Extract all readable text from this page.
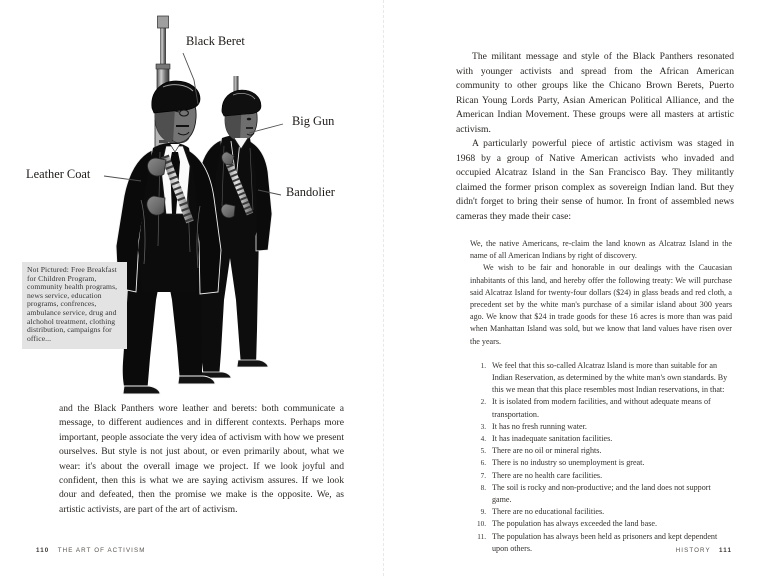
Black Beret
Big Gun
Leather Coat
Bandolier

Not Pictured: Free Breakfast for Children Program, community health programs, news service, education programs, confrences, ambulance service, drug and alchohol treatment, clothing distribution, campaigns for office...

and the Black Panthers wore leather and berets: both communicate a message, to different audiences and in different contexts. Perhaps more important, people associate the very idea of activism with how we present ourselves. But style is not just about, or even primarily about, what we wear: it's about the overall image we project. If we look joyful and confident, then this is what we are saying activism assures. If we look dour and defeated, then the promise we make is the opposite. We, as artistic activists, are part of the art of activism.

110 THE ART OF ACTIVISM

The militant message and style of the Black Panthers resonated with younger activists and spread from the African American community to other groups like the Chicano Brown Berets, Puerto Rican Young Lords Party, Asian American Political Alliance, and the American Indian Movement. These groups were all masters at artistic activism.

A particularly powerful piece of artistic activism was staged in 1968 by a group of Native American activists who invaded and occupied Alcatraz Island in the San Francisco Bay. They militantly claimed the former prison complex as sovereign Indian land. But they didn't forget to bring their sense of humor. In front of assembled news cameras they made their case:

We, the native Americans, re-claim the land known as Alcatraz Island in the name of all American Indians by right of discovery.

We wish to be fair and honorable in our dealings with the Caucasian inhabitants of this land, and hereby offer the following treaty: We will purchase said Alcatraz Island for twenty-four dollars ($24) in glass beads and red cloth, a precedent set by the white man's purchase of a similar island about 300 years ago. We know that $24 in trade goods for these 16 acres is more than was paid when Manhattan Island was sold, but we know that land values have risen over the years.

We feel that this so-called Alcatraz Island is more than suitable for an Indian Reservation, as determined by the white man's own standards. By this we mean that this place resembles most Indian reservations, in that:
It is isolated from modern facilities, and without adequate means of transportation.
It has no fresh running water.
It has inadequate sanitation facilities.
There are no oil or mineral rights.
There is no industry so unemployment is great.
There are no health care facilities.
The soil is rocky and non-productive; and the land does not support game.
There are no educational facilities.
The population has always exceeded the land base.
The population has always been held as prisoners and kept dependent upon others.	HISTORY 111
